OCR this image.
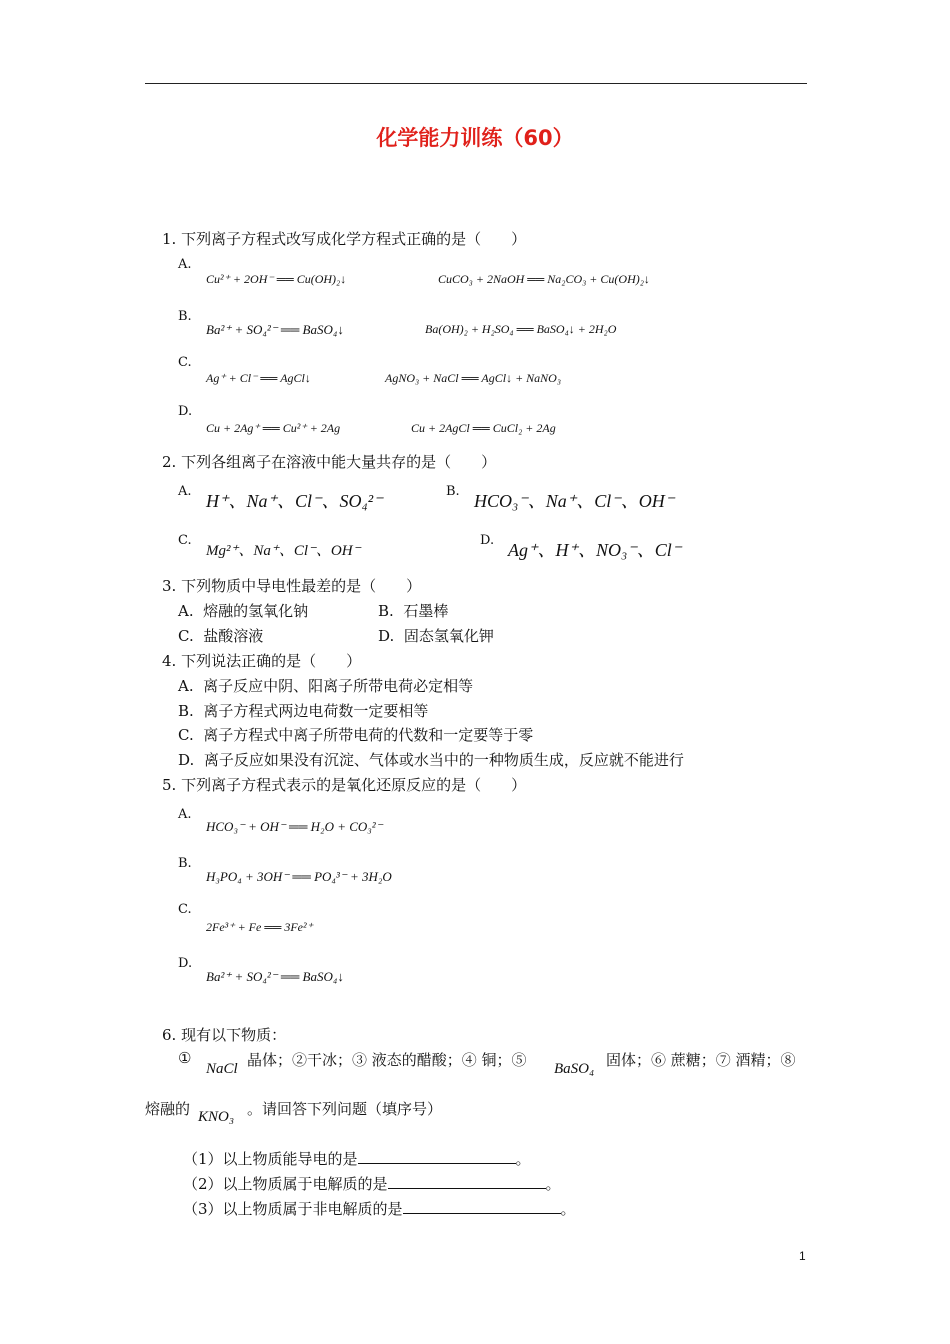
化学能力训练（60）
1. 下列离子方程式改写成化学方程式正确的是（　　）
A.
Cu²⁺ + 2OH⁻ ══ Cu(OH)₂↓	CuCO₃ + 2NaOH ══ Na₂CO₃ + Cu(OH)₂↓
B.
Ba²⁺ + SO₄²⁻ ══ BaSO₄↓	Ba(OH)₂ + H₂SO₄ ══ BaSO₄↓ + 2H₂O
C.
Ag⁺ + Cl⁻ ══ AgCl↓	AgNO₃ + NaCl ══ AgCl↓ + NaNO₃
D.
Cu + 2Ag⁺ ══ Cu²⁺ + 2Ag	Cu + 2AgCl ══ CuCl₂ + 2Ag
2. 下列各组离子在溶液中能大量共存的是（　　）
A. H⁺、Na⁺、Cl⁻、SO₄²⁻	B. HCO₃⁻、Na⁺、Cl⁻、OH⁻
C.
Mg²⁺、Na⁺、Cl⁻、OH⁻
D. Ag⁺、H⁺、NO₃⁻、Cl⁻
3. 下列物质中导电性最差的是（　　）
A. 熔融的氢氧化钠	B. 石墨棒
C. 盐酸溶液	D. 固态氢氧化钾
4. 下列说法正确的是（　　）
A. 离子反应中阴、阳离子所带电荷必定相等
B. 离子方程式两边电荷数一定要相等
C. 离子方程式中离子所带电荷的代数和一定要等于零
D. 离子反应如果没有沉淀、气体或水当中的一种物质生成，反应就不能进行
5. 下列离子方程式表示的是氧化还原反应的是（　　）
A.
HCO₃⁻ + OH⁻ ══ H₂O + CO₃²⁻
B.
H₃PO₄ + 3OH⁻ ══ PO₄³⁻ + 3H₂O
C.
2Fe³⁺ + Fe ══ 3Fe²⁺
D.
Ba²⁺ + SO₄²⁻ ══ BaSO₄↓
6. 现有以下物质：
①
NaCl 晶体；②干冰；③ 液态的醋酸；④ 铜；⑤ BaSO₄ 固体；⑥ 蔗糖；⑦ 酒精；⑧
熔融的 KNO₃ 。请回答下列问题（填序号）
（1）以上物质能导电的是	。
（2）以上物质属于电解质的是	。
（3）以上物质属于非电解质的是	。
1
